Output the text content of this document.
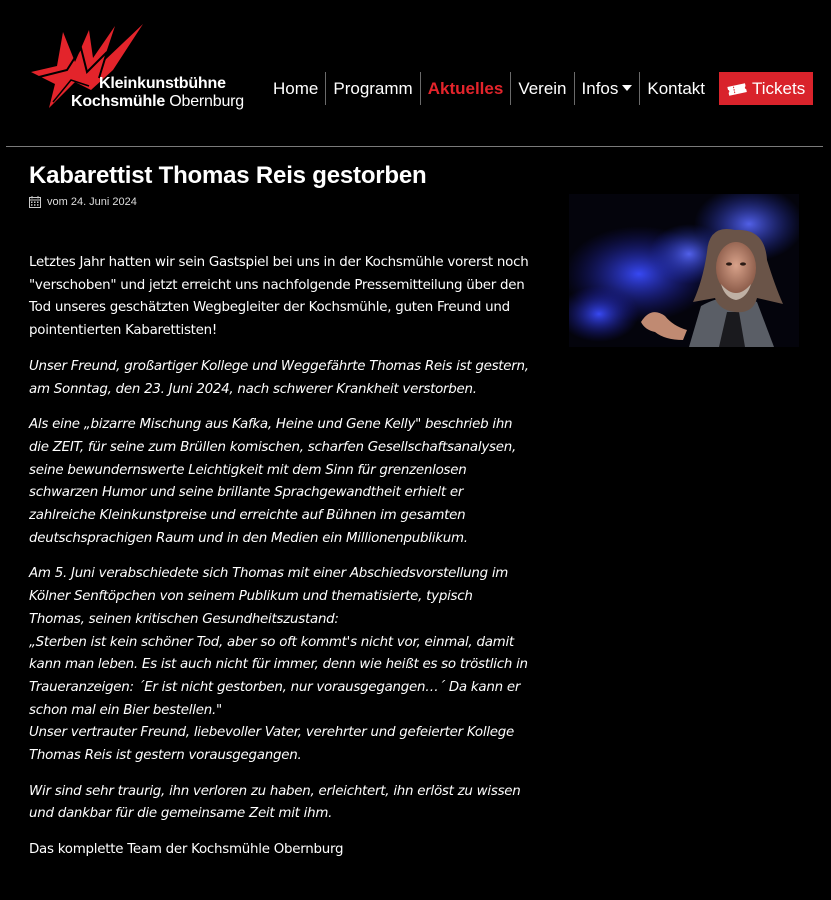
Kleinkunstbühne
Kochsmühle Obernburg
Home Programm Aktuelles Verein Infos	Kontakt	Tickets
Kabarettist Thomas Reis gestorben
vom 24. Juni 2024

Letztes Jahr hatten wir sein Gastspiel bei uns in der Kochsmühle vorerst noch "verschoben" und jetzt erreicht uns nachfolgende Pressemitteilung über den Tod unseres geschätzten Wegbegleiter der Kochsmühle, guten Freund und pointentierten Kabarettisten!

Unser Freund, großartiger Kollege und Weggefährte Thomas Reis ist gestern, am Sonntag, den 23. Juni 2024, nach schwerer Krankheit verstorben.

Als eine „bizarre Mischung aus Kafka, Heine und Gene Kelly" beschrieb ihn die ZEIT, für seine zum Brüllen komischen, scharfen Gesellschaftsanalysen, seine bewundernswerte Leichtigkeit mit dem Sinn für grenzenlosen schwarzen Humor und seine brillante Sprachgewandtheit erhielt er zahlreiche Kleinkunstpreise und erreichte auf Bühnen im gesamten deutschsprachigen Raum und in den Medien ein Millionenpublikum.

Am 5. Juni verabschiedete sich Thomas mit einer Abschiedsvorstellung im Kölner Senftöpchen von seinem Publikum und thematisierte, typisch Thomas, seinen kritischen Gesundheitszustand:
„Sterben ist kein schöner Tod, aber so oft kommt's nicht vor, einmal, damit kann man leben. Es ist auch nicht für immer, denn wie heißt es so tröstlich in Traueranzeigen: ´Er ist nicht gestorben, nur vorausgegangen…´ Da kann er schon mal ein Bier bestellen."
Unser vertrauter Freund, liebevoller Vater, verehrter und gefeierter Kollege Thomas Reis ist gestern vorausgegangen.

Wir sind sehr traurig, ihn verloren zu haben, erleichtert, ihn erlöst zu wissen und dankbar für die gemeinsame Zeit mit ihm.

Das komplette Team der Kochsmühle Obernburg
